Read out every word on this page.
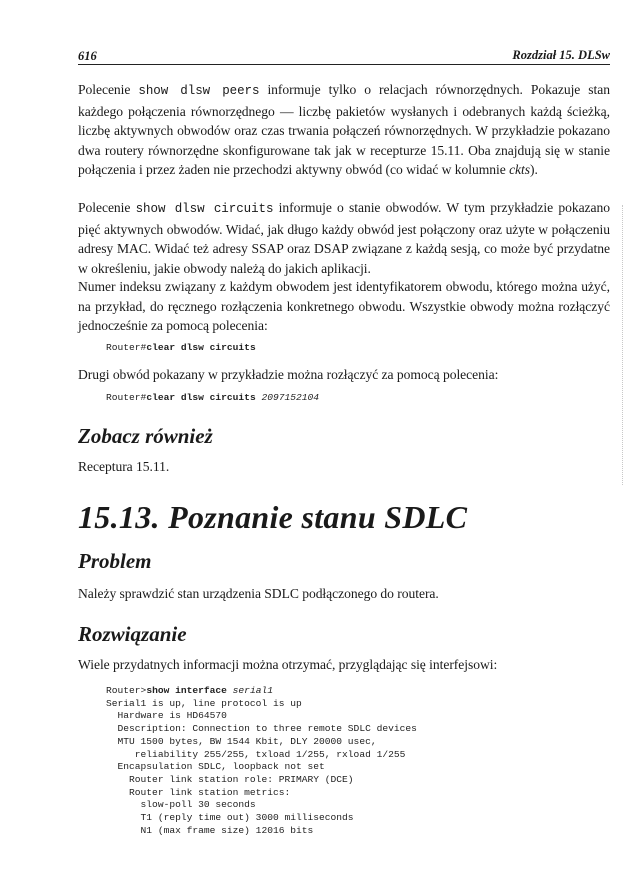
616	Rozdział 15. DLSw
Polecenie show dlsw peers informuje tylko o relacjach równorzędnych. Pokazuje stan każdego połączenia równorzędnego — liczbę pakietów wysłanych i odebranych każdą ścieżką, liczbę aktywnych obwodów oraz czas trwania połączeń równorzędnych. W przykładzie pokazano dwa routery równorzędne skonfigurowane tak jak w recepturze 15.11. Oba znajdują się w stanie połączenia i przez żaden nie przechodzi aktywny obwód (co widać w kolumnie ckts).
Polecenie show dlsw circuits informuje o stanie obwodów. W tym przykładzie pokazano pięć aktywnych obwodów. Widać, jak długo każdy obwód jest połączony oraz użyte w połączeniu adresy MAC. Widać też adresy SSAP oraz DSAP związane z każdą sesją, co może być przydatne w określeniu, jakie obwody należą do jakich aplikacji.
Numer indeksu związany z każdym obwodem jest identyfikatorem obwodu, którego można użyć, na przykład, do ręcznego rozłączenia konkretnego obwodu. Wszystkie obwody można rozłączyć jednocześnie za pomocą polecenia:
Router#clear dlsw circuits
Drugi obwód pokazany w przykładzie można rozłączyć za pomocą polecenia:
Router#clear dlsw circuits 2097152104
Zobacz również
Receptura 15.11.
15.13. Poznanie stanu SDLC
Problem
Należy sprawdzić stan urządzenia SDLC podłączonego do routera.
Rozwiązanie
Wiele przydatnych informacji można otrzymać, przyglądając się interfejsowi:
Router>show interface serial1
Serial1 is up, line protocol is up
Hardware is HD64570
Description: Connection to three remote SDLC devices
MTU 1500 bytes, BW 1544 Kbit, DLY 20000 usec,
reliability 255/255, txload 1/255, rxload 1/255
Encapsulation SDLC, loopback not set
Router link station role: PRIMARY (DCE)
Router link station metrics:
slow-poll 30 seconds
T1 (reply time out) 3000 milliseconds
N1 (max frame size) 12016 bits
